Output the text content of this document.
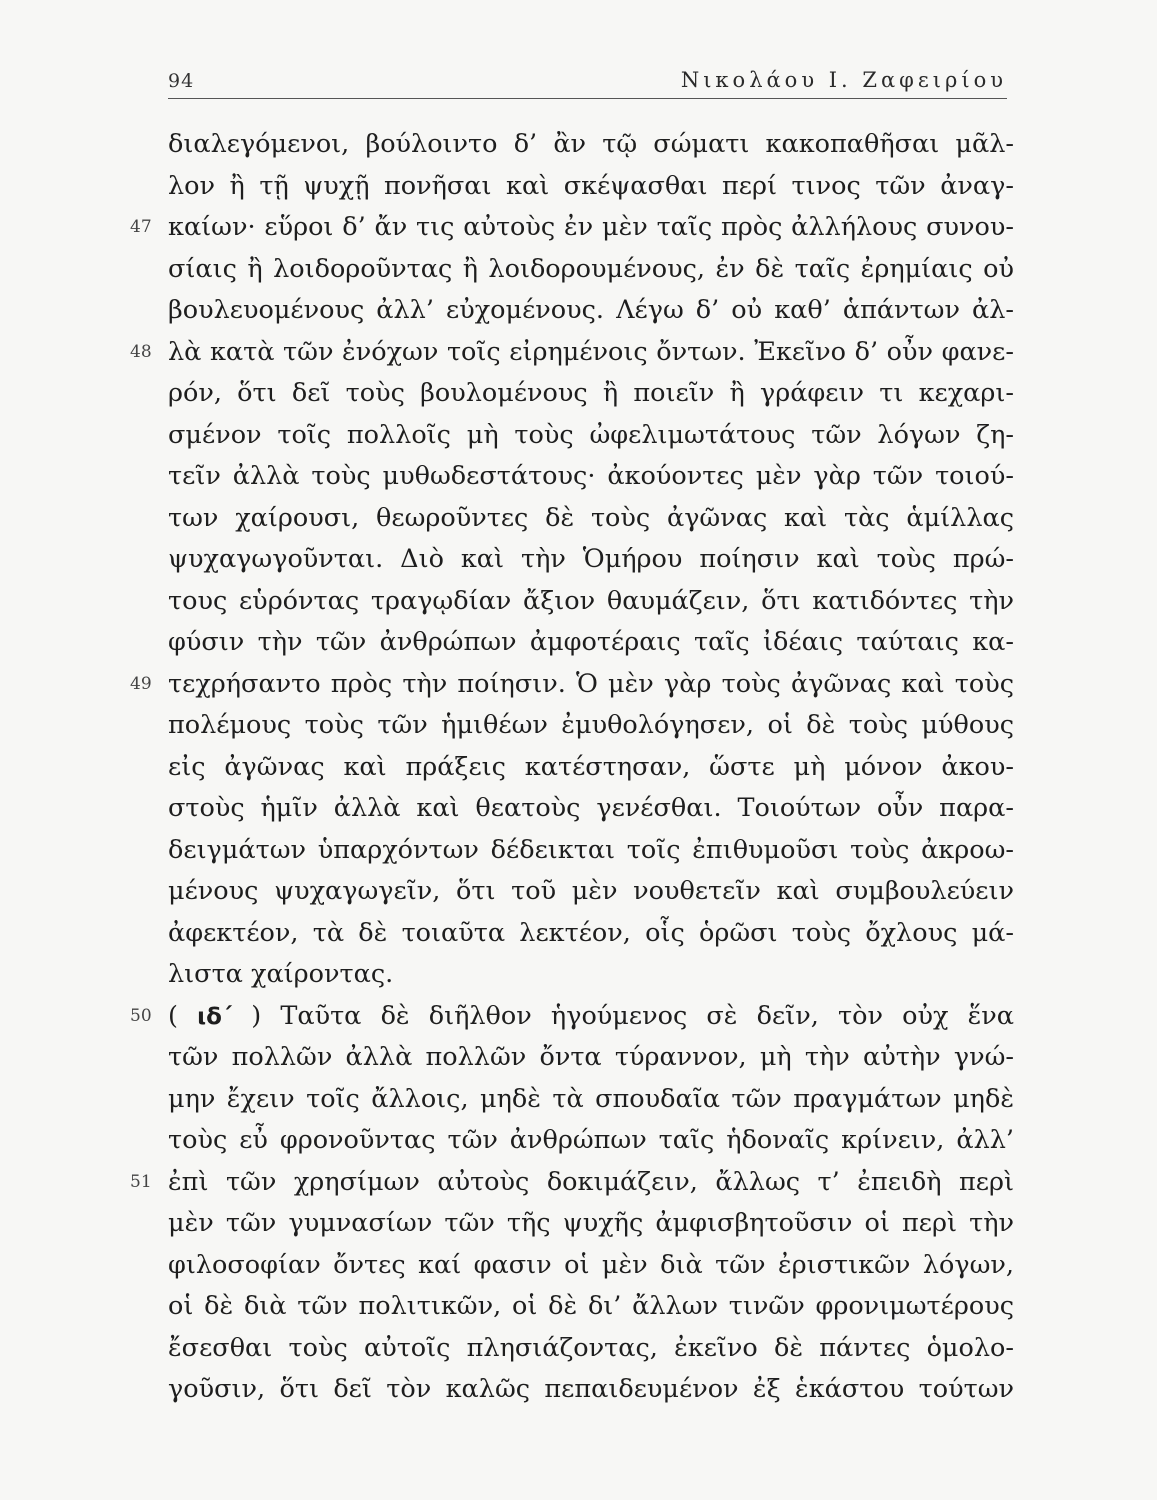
94	Νικολάου Ι. Ζαφειρίου
διαλεγόμενοι, βούλοιντο δ’ ἂν τῷ σώματι κακοπαθῆσαι μᾶλ-
λον ἢ τῇ ψυχῇ πονῆσαι καὶ σκέψασθαι περί τινος τῶν ἀναγ-
47 καίων· εὕροι δ’ ἄν τις αὐτοὺς ἐν μὲν ταῖς πρὸς ἀλλήλους συνου-
σίαις ἢ λοιδοροῦντας ἢ λοιδορουμένους, ἐν δὲ ταῖς ἐρημίαις οὐ
βουλευομένους ἀλλ’ εὐχομένους. Λέγω δ’ οὐ καθ’ ἁπάντων ἀλ-
48 λὰ κατὰ τῶν ἐνόχων τοῖς εἰρημένοις ὄντων. Ἐκεῖνο δ’ οὖν φανε-
ρόν, ὅτι δεῖ τοὺς βουλομένους ἢ ποιεῖν ἢ γράφειν τι κεχαρι-
σμένον τοῖς πολλοῖς μὴ τοὺς ὠφελιμωτάτους τῶν λόγων ζη-
τεῖν ἀλλὰ τοὺς μυθωδεστάτους· ἀκούοντες μὲν γὰρ τῶν τοιού-
των χαίρουσι, θεωροῦντες δὲ τοὺς ἀγῶνας καὶ τὰς ἁμίλλας
ψυχαγωγοῦνται. Διὸ καὶ τὴν Ὁμήρου ποίησιν καὶ τοὺς πρώ-
τους εὑρόντας τραγῳδίαν ἄξιον θαυμάζειν, ὅτι κατιδόντες τὴν
φύσιν τὴν τῶν ἀνθρώπων ἀμφοτέραις ταῖς ἰδέαις ταύταις κα-
49 τεχρήσαντο πρὸς τὴν ποίησιν. Ὁ μὲν γὰρ τοὺς ἀγῶνας καὶ τοὺς
πολέμους τοὺς τῶν ἡμιθέων ἐμυθολόγησεν, οἱ δὲ τοὺς μύθους
εἰς ἀγῶνας καὶ πράξεις κατέστησαν, ὥστε μὴ μόνον ἀκου-
στοὺς ἡμῖν ἀλλὰ καὶ θεατοὺς γενέσθαι. Τοιούτων οὖν παρα-
δειγμάτων ὑπαρχόντων δέδεικται τοῖς ἐπιθυμοῦσι τοὺς ἀκροω-
μένους ψυχαγωγεῖν, ὅτι τοῦ μὲν νουθετεῖν καὶ συμβουλεύειν
ἀφεκτέον, τὰ δὲ τοιαῦτα λεκτέον, οἷς ὁρῶσι τοὺς ὄχλους μά-
λιστα χαίροντας.
50 ( ιδ΄ ) Ταῦτα δὲ διῆλθον ἡγούμενος σὲ δεῖν, τὸν οὐχ ἕνα
τῶν πολλῶν ἀλλὰ πολλῶν ὄντα τύραννον, μὴ τὴν αὐτὴν γνώ-
μην ἔχειν τοῖς ἄλλοις, μηδὲ τὰ σπουδαῖα τῶν πραγμάτων μηδὲ
τοὺς εὖ φρονοῦντας τῶν ἀνθρώπων ταῖς ἡδοναῖς κρίνειν, ἀλλ’
51 ἐπὶ τῶν χρησίμων αὐτοὺς δοκιμάζειν, ἄλλως τ’ ἐπειδὴ περὶ
μὲν τῶν γυμνασίων τῶν τῆς ψυχῆς ἀμφισβητοῦσιν οἱ περὶ τὴν
φιλοσοφίαν ὄντες καί φασιν οἱ μὲν διὰ τῶν ἐριστικῶν λόγων,
οἱ δὲ διὰ τῶν πολιτικῶν, οἱ δὲ δι’ ἄλλων τινῶν φρονιμωτέρους
ἔσεσθαι τοὺς αὐτοῖς πλησιάζοντας, ἐκεῖνο δὲ πάντες ὁμολο-
γοῦσιν, ὅτι δεῖ τὸν καλῶς πεπαιδευμένον ἐξ ἑκάστου τούτων
